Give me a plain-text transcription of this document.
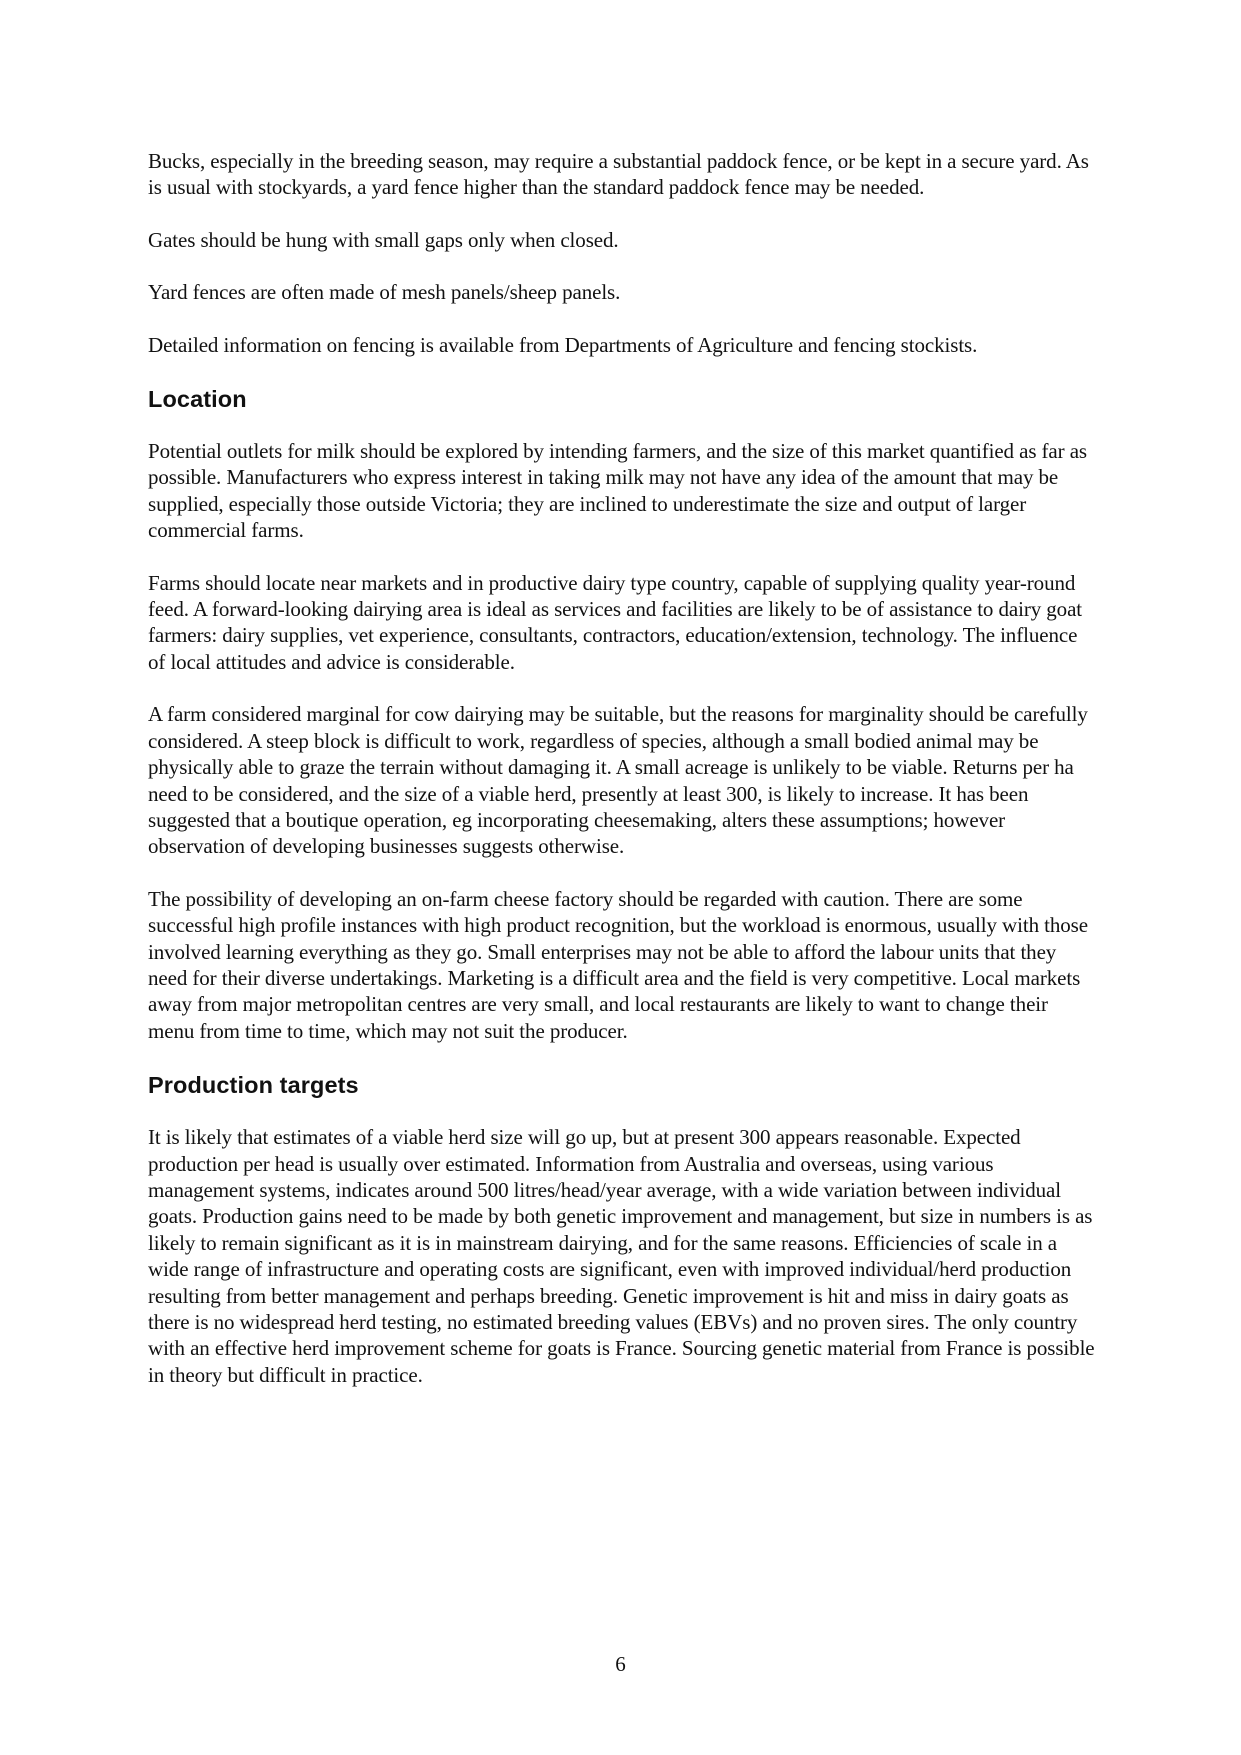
Bucks, especially in the breeding season, may require a substantial paddock fence, or be kept in a secure yard. As is usual with stockyards, a yard fence higher than the standard paddock fence may be needed.

Gates should be hung with small gaps only when closed.

Yard fences are often made of mesh panels/sheep panels.

Detailed information on fencing is available from Departments of Agriculture and fencing stockists.

Location

Potential outlets for milk should be explored by intending farmers, and the size of this market quantified as far as possible. Manufacturers who express interest in taking milk may not have any idea of the amount that may be supplied, especially those outside Victoria; they are inclined to underestimate the size and output of larger commercial farms.

Farms should locate near markets and in productive dairy type country, capable of supplying quality year-round feed. A forward-looking dairying area is ideal as services and facilities are likely to be of assistance to dairy goat farmers: dairy supplies, vet experience, consultants, contractors, education/extension, technology. The influence of local attitudes and advice is considerable.

A farm considered marginal for cow dairying may be suitable, but the reasons for marginality should be carefully considered. A steep block is difficult to work, regardless of species, although a small bodied animal may be physically able to graze the terrain without damaging it. A small acreage is unlikely to be viable. Returns per ha need to be considered, and the size of a viable herd, presently at least 300, is likely to increase. It has been suggested that a boutique operation, eg incorporating cheesemaking, alters these assumptions; however observation of developing businesses suggests otherwise.

The possibility of developing an on-farm cheese factory should be regarded with caution. There are some successful high profile instances with high product recognition, but the workload is enormous, usually with those involved learning everything as they go. Small enterprises may not be able to afford the labour units that they need for their diverse undertakings. Marketing is a difficult area and the field is very competitive. Local markets away from major metropolitan centres are very small, and local restaurants are likely to want to change their menu from time to time, which may not suit the producer.

Production targets

It is likely that estimates of a viable herd size will go up, but at present 300 appears reasonable. Expected production per head is usually over estimated. Information from Australia and overseas, using various management systems, indicates around 500 litres/head/year average, with a wide variation between individual goats. Production gains need to be made by both genetic improvement and management, but size in numbers is as likely to remain significant as it is in mainstream dairying, and for the same reasons. Efficiencies of scale in a wide range of infrastructure and operating costs are significant, even with improved individual/herd production resulting from better management and perhaps breeding. Genetic improvement is hit and miss in dairy goats as there is no widespread herd testing, no estimated breeding values (EBVs) and no proven sires. The only country with an effective herd improvement scheme for goats is France. Sourcing genetic material from France is possible in theory but difficult in practice.

6
